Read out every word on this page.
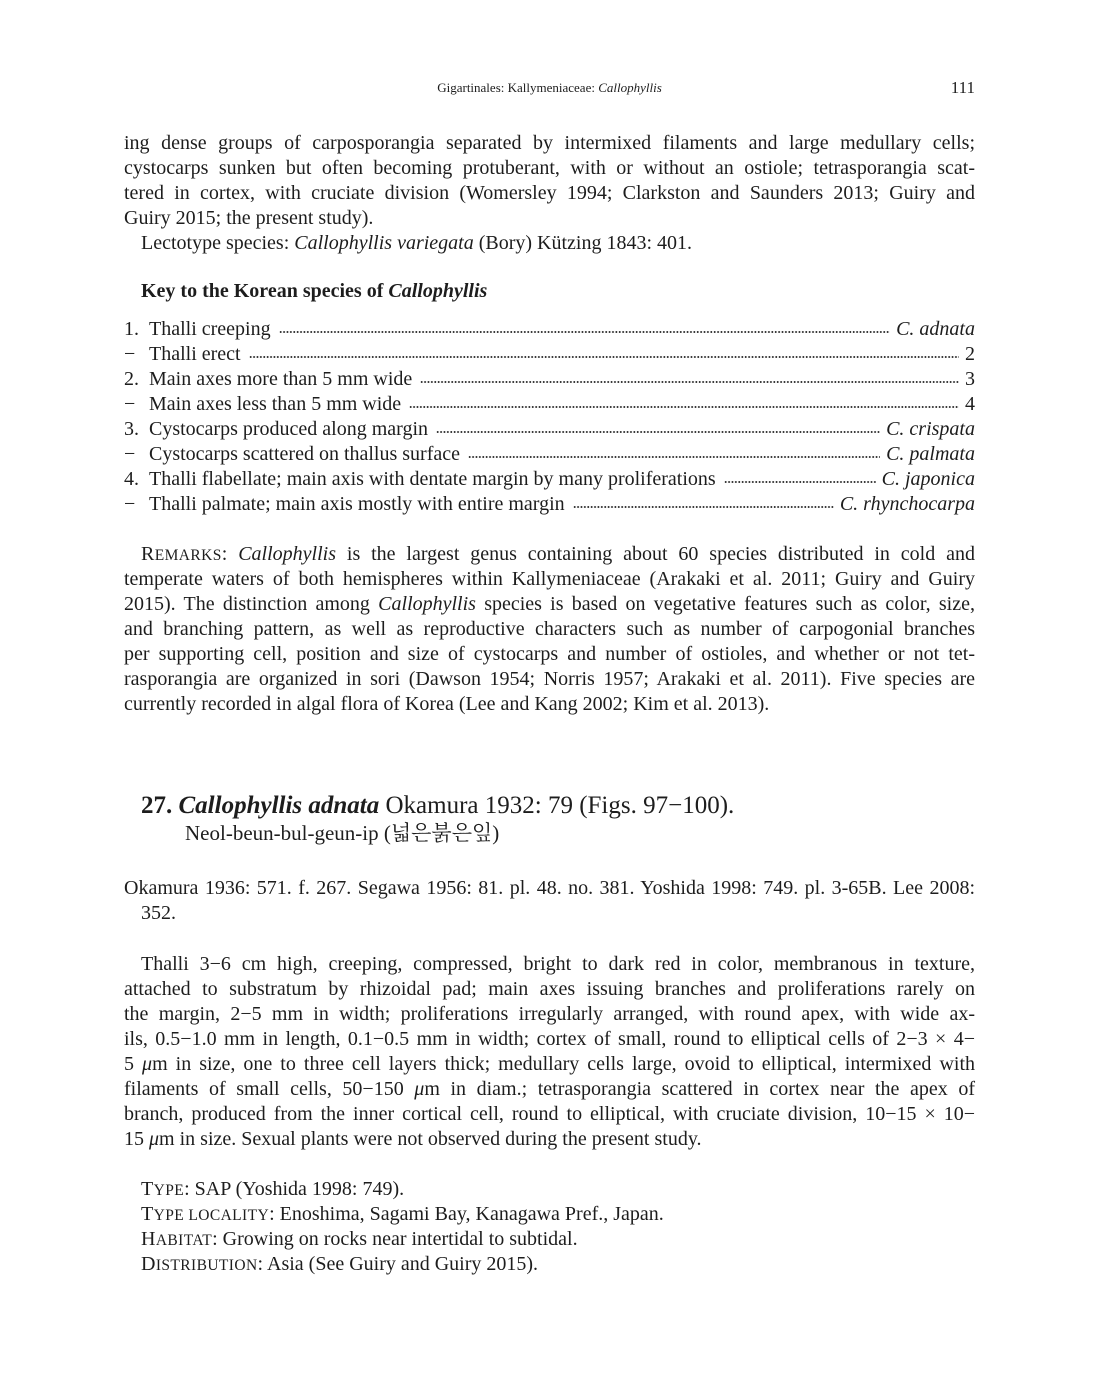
Gigartinales: Kallymeniaceae: Callophyllis	111
ing dense groups of carposporangia separated by intermixed filaments and large medullary cells;
cystocarps sunken but often becoming protuberant, with or without an ostiole; tetrasporangia scat-
tered in cortex, with cruciate division (Womersley 1994; Clarkston and Saunders 2013; Guiry and
Guiry 2015; the present study).
Lectotype species: Callophyllis variegata (Bory) Kützing 1843: 401.
Key to the Korean species of Callophyllis
1. Thalli creeping	C. adnata
− Thalli erect	2
2. Main axes more than 5 mm wide	3
− Main axes less than 5 mm wide	4
3. Cystocarps produced along margin	C. crispata
− Cystocarps scattered on thallus surface	C. palmata
4. Thalli flabellate; main axis with dentate margin by many proliferations	C. japonica
− Thalli palmate; main axis mostly with entire margin	C. rhynchocarpa
REMARKS: Callophyllis is the largest genus containing about 60 species distributed in cold and
temperate waters of both hemispheres within Kallymeniaceae (Arakaki et al. 2011; Guiry and Guiry
2015). The distinction among Callophyllis species is based on vegetative features such as color, size,
and branching pattern, as well as reproductive characters such as number of carpogonial branches
per supporting cell, position and size of cystocarps and number of ostioles, and whether or not tet-
rasporangia are organized in sori (Dawson 1954; Norris 1957; Arakaki et al. 2011). Five species are
currently recorded in algal flora of Korea (Lee and Kang 2002; Kim et al. 2013).
27. Callophyllis adnata Okamura 1932: 79 (Figs. 97−100).
Neol-beun-bul-geun-ip (넓은붉은잎)
Okamura 1936: 571. f. 267. Segawa 1956: 81. pl. 48. no. 381. Yoshida 1998: 749. pl. 3-65B. Lee 2008:
352.
Thalli 3−6 cm high, creeping, compressed, bright to dark red in color, membranous in texture,
attached to substratum by rhizoidal pad; main axes issuing branches and proliferations rarely on
the margin, 2−5 mm in width; proliferations irregularly arranged, with round apex, with wide ax-
ils, 0.5−1.0 mm in length, 0.1−0.5 mm in width; cortex of small, round to elliptical cells of 2−3 × 4−
5 μm in size, one to three cell layers thick; medullary cells large, ovoid to elliptical, intermixed with
filaments of small cells, 50−150 μm in diam.; tetrasporangia scattered in cortex near the apex of
branch, produced from the inner cortical cell, round to elliptical, with cruciate division, 10−15 × 10−
15 μm in size. Sexual plants were not observed during the present study.
TYPE: SAP (Yoshida 1998: 749).
TYPE LOCALITY: Enoshima, Sagami Bay, Kanagawa Pref., Japan.
HABITAT: Growing on rocks near intertidal to subtidal.
DISTRIBUTION: Asia (See Guiry and Guiry 2015).
